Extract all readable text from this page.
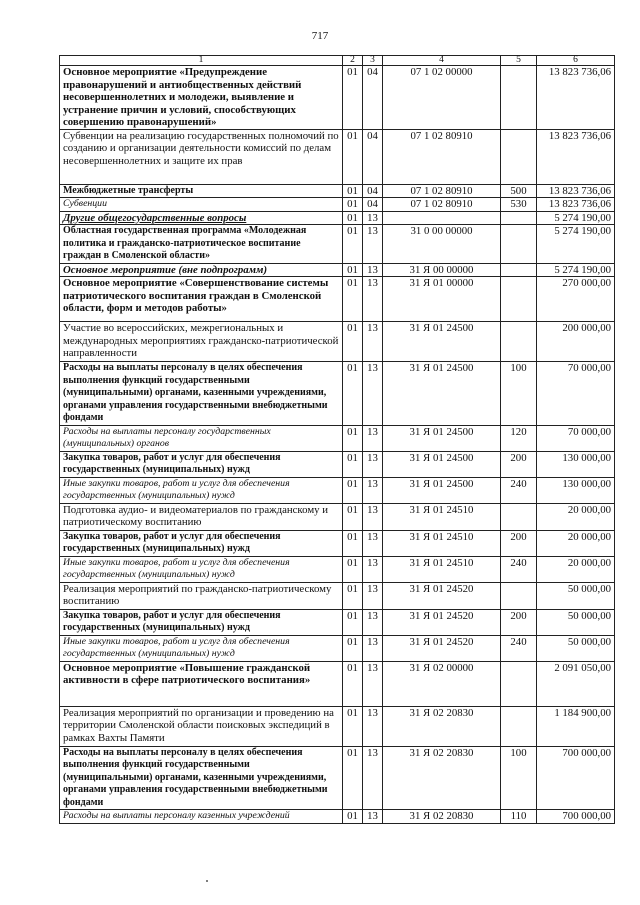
717
1	2	3	4	5	6
Основное мероприятие «Предупреждение правонарушений и антиобщественных действий несовершеннолетних и молодежи, выявление и устранение причин и условий, способствующих совершению правонарушений»	01	04	07 1 02 00000		13 823 736,06
Субвенции на реализацию государственных полномочий по созданию и организации деятельности комиссий по делам несовершеннолетних и защите их прав	01	04	07 1 02 80910		13 823 736,06
Межбюджетные трансферты	01	04	07 1 02 80910	500	13 823 736,06
Субвенции	01	04	07 1 02 80910	530	13 823 736,06
Другие общегосударственные вопросы	01	13			5 274 190,00
Областная государственная программа «Молодежная политика и гражданско-патриотическое воспитание граждан в Смоленской области»	01	13	31 0 00 00000		5 274 190,00
Основное мероприятие (вне подпрограмм)	01	13	31 Я 00 00000		5 274 190,00
Основное мероприятие «Совершенствование системы патриотического воспитания граждан в Смоленской области, форм и методов работы»	01	13	31 Я 01 00000		270 000,00
Участие во всероссийских, межрегиональных и международных мероприятиях гражданско-патриотической направленности	01	13	31 Я 01 24500		200 000,00
Расходы на выплаты персоналу в целях обеспечения выполнения функций государственными (муниципальными) органами, казенными учреждениями, органами управления государственными внебюджетными фондами	01	13	31 Я 01 24500	100	70 000,00
Расходы на выплаты персоналу государственных (муниципальных) органов	01	13	31 Я 01 24500	120	70 000,00
Закупка товаров, работ и услуг для обеспечения государственных (муниципальных) нужд	01	13	31 Я 01 24500	200	130 000,00
Иные закупки товаров, работ и услуг для обеспечения государственных (муниципальных) нужд	01	13	31 Я 01 24500	240	130 000,00
Подготовка аудио- и видеоматериалов по гражданскому и патриотическому воспитанию	01	13	31 Я 01 24510		20 000,00
Закупка товаров, работ и услуг для обеспечения государственных (муниципальных) нужд	01	13	31 Я 01 24510	200	20 000,00
Иные закупки товаров, работ и услуг для обеспечения государственных (муниципальных) нужд	01	13	31 Я 01 24510	240	20 000,00
Реализация мероприятий по гражданско-патриотическому воспитанию	01	13	31 Я 01 24520		50 000,00
Закупка товаров, работ и услуг для обеспечения государственных (муниципальных) нужд	01	13	31 Я 01 24520	200	50 000,00
Иные закупки товаров, работ и услуг для обеспечения государственных (муниципальных) нужд	01	13	31 Я 01 24520	240	50 000,00
Основное мероприятие «Повышение гражданской активности в сфере патриотического воспитания»	01	13	31 Я 02 00000		2 091 050,00
Реализация мероприятий по организации и проведению на территории Смоленской области поисковых экспедиций в рамках Вахты Памяти	01	13	31 Я 02 20830		1 184 900,00
Расходы на выплаты персоналу в целях обеспечения выполнения функций государственными (муниципальными) органами, казенными учреждениями, органами управления государственными внебюджетными фондами	01	13	31 Я 02 20830	100	700 000,00
Расходы на выплаты персоналу казенных учреждений	01	13	31 Я 02 20830	110	700 000,00
